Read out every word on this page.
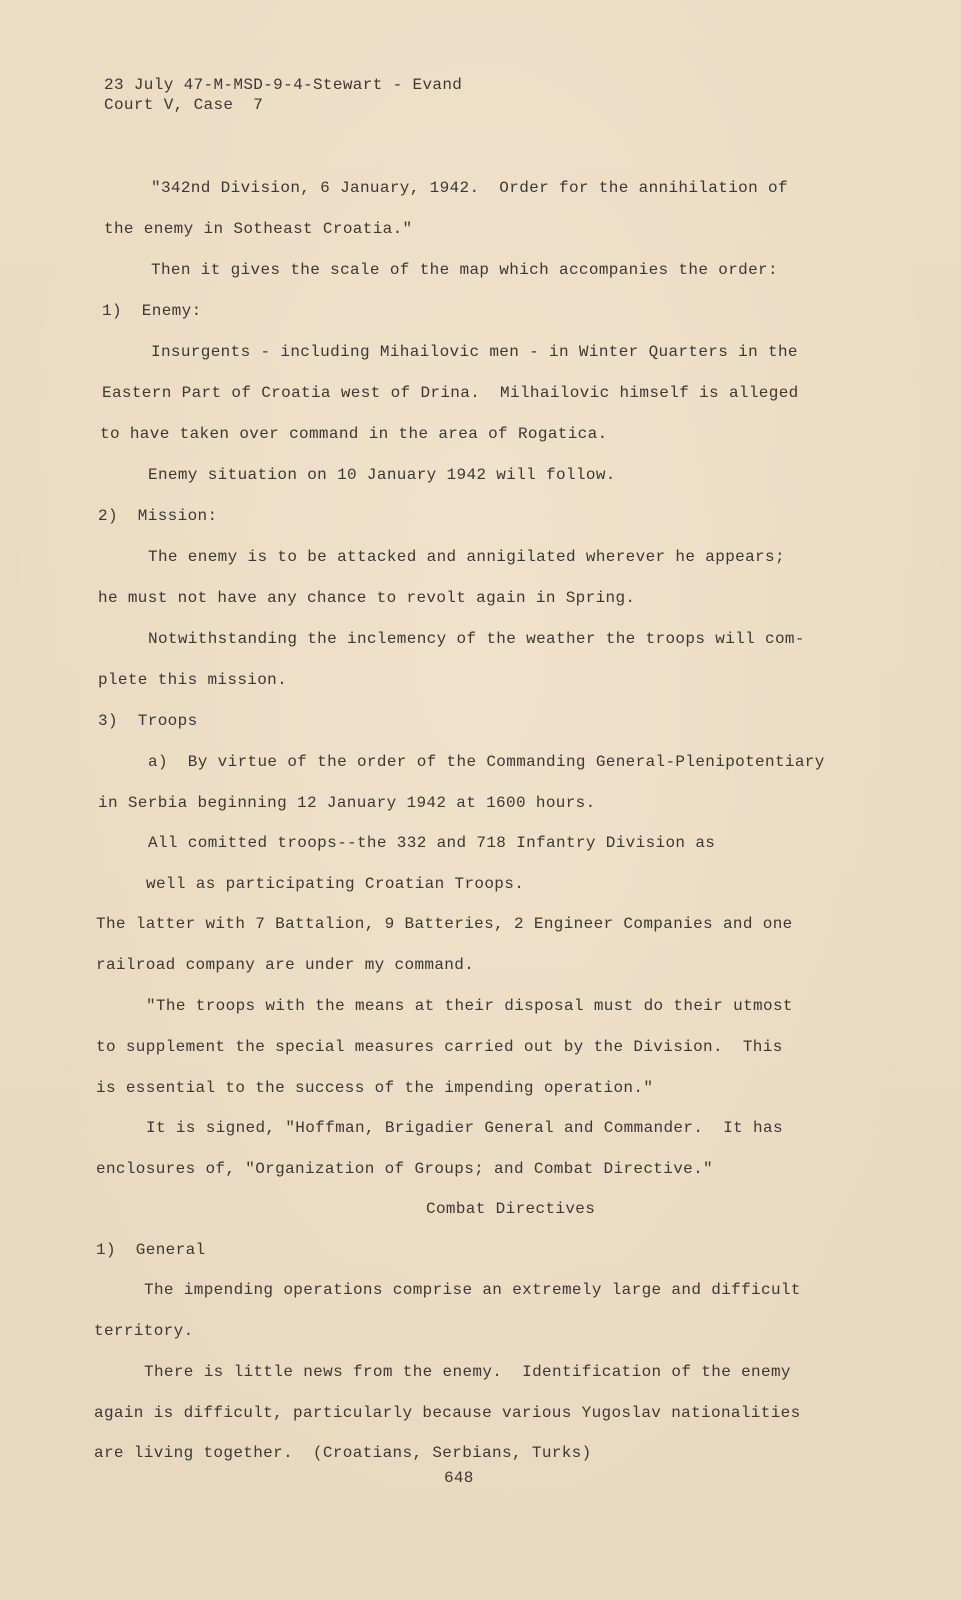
23 July 47-M-MSD-9-4-Stewart - Evand
Court V, Case  7
"342nd Division, 6 January, 1942.  Order for the annihilation of
the enemy in Sotheast Croatia."
Then it gives the scale of the map which accompanies the order:
1)  Enemy:
Insurgents - including Mihailovic men - in Winter Quarters in the
Eastern Part of Croatia west of Drina.  Milhailovic himself is alleged
to have taken over command in the area of Rogatica.
Enemy situation on 10 January 1942 will follow.
2)  Mission:
The enemy is to be attacked and annigilated wherever he appears;
he must not have any chance to revolt again in Spring.
Notwithstanding the inclemency of the weather the troops will com-
plete this mission.
3)  Troops
a)  By virtue of the order of the Commanding General-Plenipotentiary
in Serbia beginning 12 January 1942 at 1600 hours.
All comitted troops--the 332 and 718 Infantry Division as
well as participating Croatian Troops.
The latter with 7 Battalion, 9 Batteries, 2 Engineer Companies and one
railroad company are under my command.
"The troops with the means at their disposal must do their utmost
to supplement the special measures carried out by the Division.  This
is essential to the success of the impending operation."
It is signed, "Hoffman, Brigadier General and Commander.  It has
enclosures of, "Organization of Groups; and Combat Directive."
Combat Directives
1)  General
The impending operations comprise an extremely large and difficult
territory.
There is little news from the enemy.  Identification of the enemy
again is difficult, particularly because various Yugoslav nationalities
are living together.  (Croatians, Serbians, Turks)
648
